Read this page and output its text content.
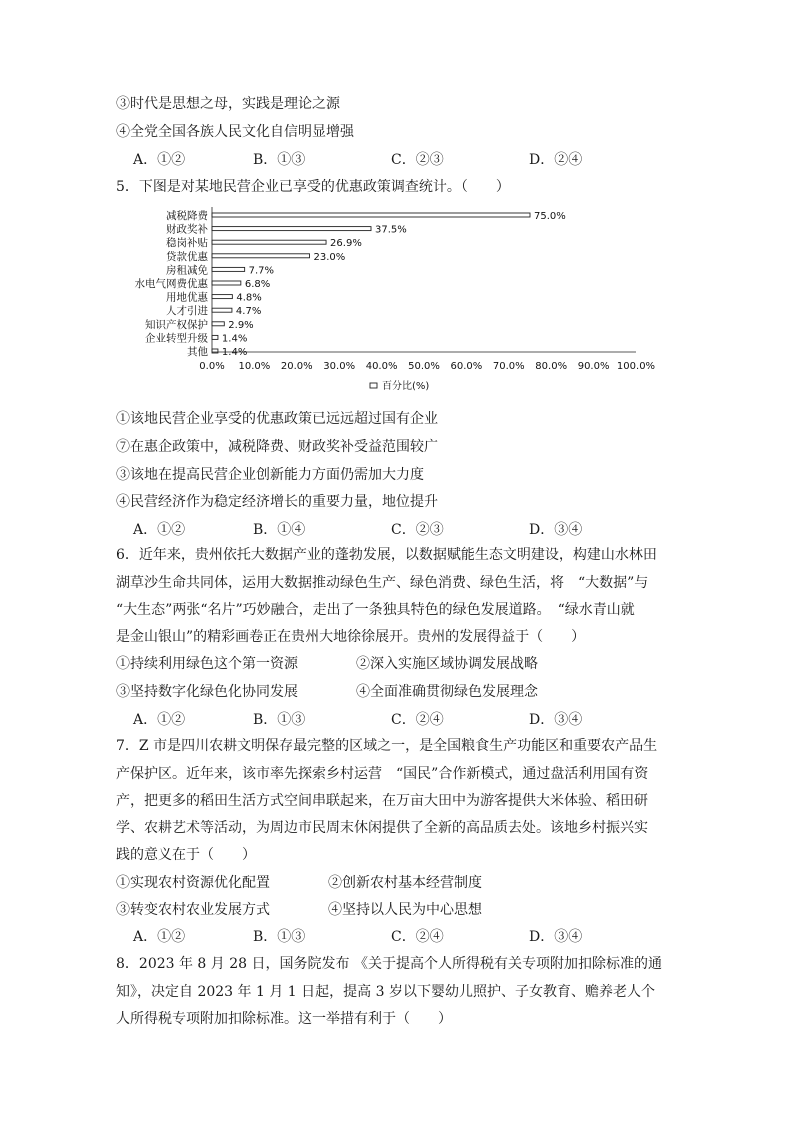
③时代是思想之母，实践是理论之源
④全党全国各族人民文化自信明显增强
A．①②	B．①③	C．②③	D．②④
5．下图是对某地民营企业已享受的优惠政策调查统计。（　　）
减税降费	75.0%
财政奖补	37.5%
稳岗补贴	26.9%
贷款优惠	23.0%
房租减免	7.7%
水电气网费优惠	6.8%
用地优惠	4.8%
人才引进	4.7%
知识产权保护 2.9%
企业转型升级 1.4%
其他 1.4%
0.0% 10.0% 20.0% 30.0% 40.0% 50.0% 60.0% 70.0% 80.0% 90.0% 100.0%
百分比(%)
①该地民营企业享受的优惠政策已远远超过国有企业
⑦在惠企政策中，减税降费、财政奖补受益范围较广
③该地在提高民营企业创新能力方面仍需加大力度
④民营经济作为稳定经济增长的重要力量，地位提升
A．①②	B．①④	C．②③	D．③④
6．近年来，贵州依托大数据产业的蓬勃发展，以数据赋能生态文明建设，构建山水林田
湖草沙生命共同体，运用大数据推动绿色生产、绿色消费、绿色生活，将　“大数据”与
“大生态”两张“名片”巧妙融合，走出了一条独具特色的绿色发展道路。　“绿水青山就
是金山银山”的精彩画卷正在贵州大地徐徐展开。贵州的发展得益于（　　）
①持续利用绿色这个第一资源	②深入实施区域协调发展战略
③坚持数字化绿色化协同发展	④全面准确贯彻绿色发展理念
A．①②	B．①③	C．②④	D．③④
7．Z 市是四川农耕文明保存最完整的区域之一，是全国粮食生产功能区和重要农产品生
产保护区。近年来，该市率先探索乡村运营　“国民”合作新模式，通过盘活利用国有资
产，把更多的稻田生活方式空间串联起来，在万亩大田中为游客提供大米体验、稻田研
学、农耕艺术等活动，为周边市民周末休闲提供了全新的高品质去处。该地乡村振兴实
践的意义在于（　　）
①实现农村资源优化配置	②创新农村基本经营制度
③转变农村农业发展方式	④坚持以人民为中心思想
A．①②	B．①③	C．②④	D．③④
8．2023 年 8 月 28 日，国务院发布 《关于提高个人所得税有关专项附加扣除标准的通
知》，决定自 2023 年 1 月 1 日起，提高 3 岁以下婴幼儿照护、子女教育、赡养老人个
人所得税专项附加扣除标准。这一举措有利于（　　）
